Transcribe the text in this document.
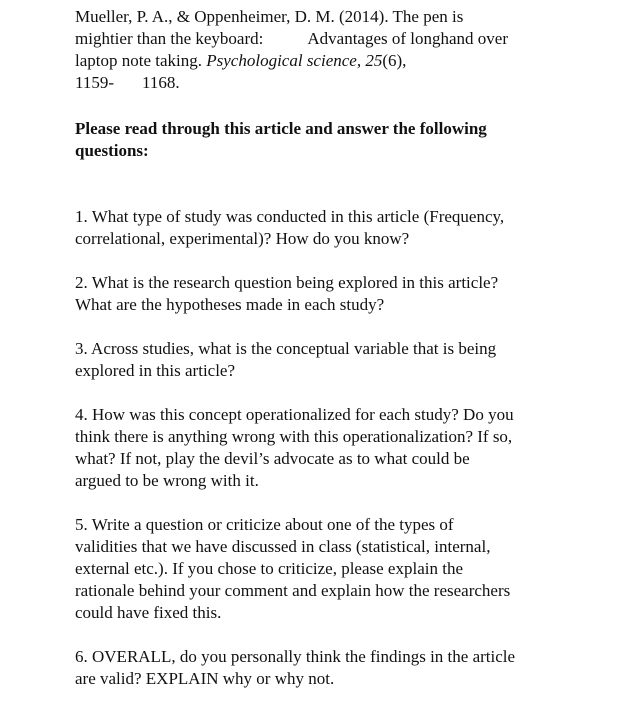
Mueller, P. A., & Oppenheimer, D. M. (2014). The pen is
mightier than the keyboard:	Advantages of longhand over
laptop note taking. Psychological science, 25(6),
1159- 1168.
Please read through this article and answer the following
questions:
1. What type of study was conducted in this article (Frequency,
correlational, experimental)? How do you know?
2. What is the research question being explored in this article?
What are the hypotheses made in each study?
3. Across studies, what is the conceptual variable that is being
explored in this article?
4. How was this concept operationalized for each study? Do you
think there is anything wrong with this operationalization? If so,
what? If not, play the devil’s advocate as to what could be
argued to be wrong with it.
5. Write a question or criticize about one of the types of
validities that we have discussed in class (statistical, internal,
external etc.). If you chose to criticize, please explain the
rationale behind your comment and explain how the researchers
could have fixed this.
6. OVERALL, do you personally think the findings in the article
are valid? EXPLAIN why or why not.
